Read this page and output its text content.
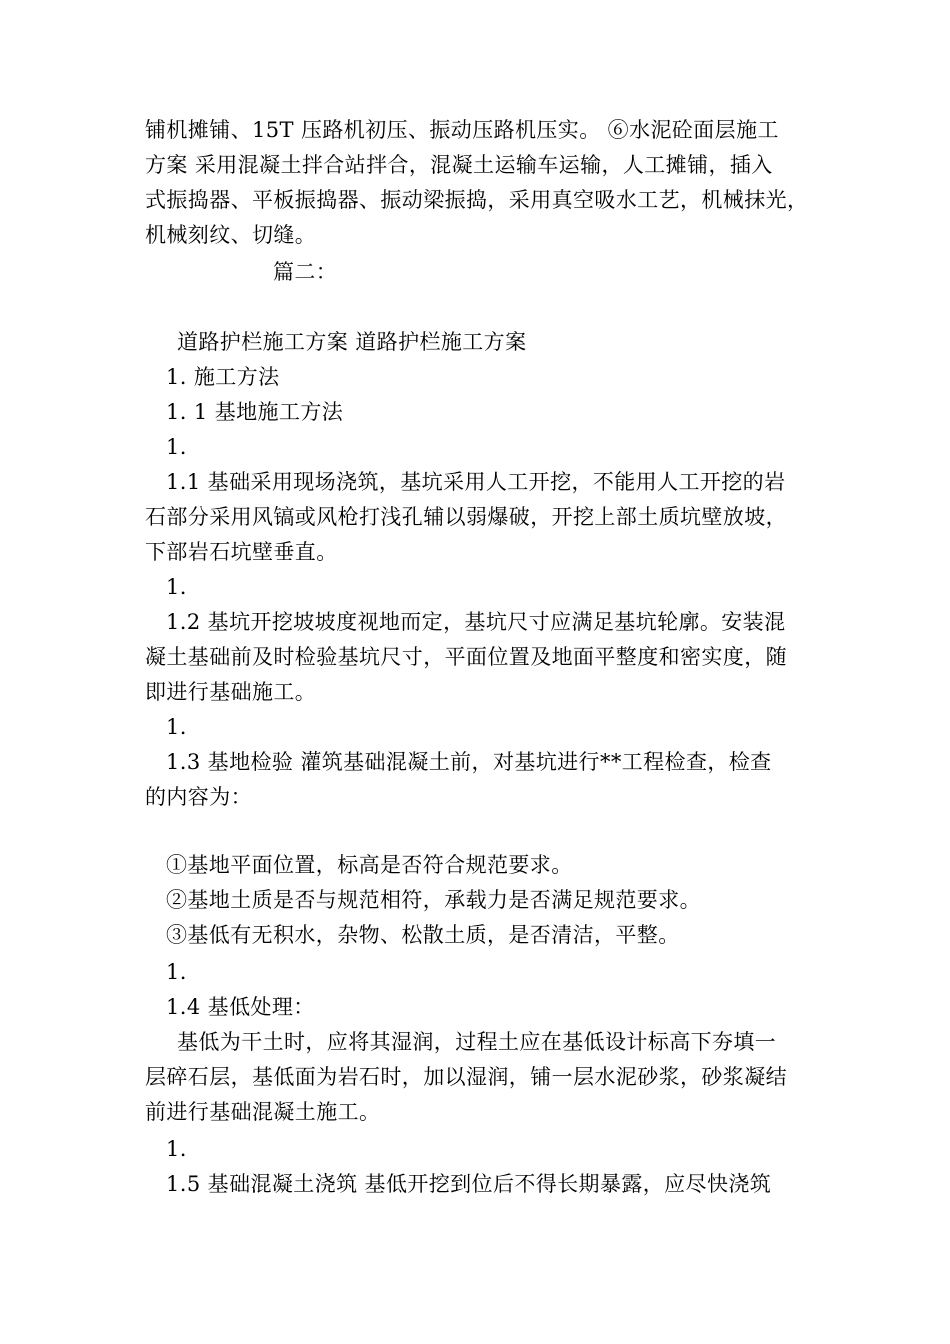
铺机摊铺、15T 压路机初压、振动压路机压实。 ⑥水泥砼面层施工
方案 采用混凝土拌合站拌合，混凝土运输车运输，人工摊铺，插入
式振捣器、平板振捣器、振动梁振捣，采用真空吸水工艺，机械抹光，
机械刻纹、切缝。
篇二：
道路护栏施工方案 道路护栏施工方案
1. 施工方法
1. 1 基地施工方法
1.
1.1 基础采用现场浇筑，基坑采用人工开挖，不能用人工开挖的岩
石部分采用风镐或风枪打浅孔辅以弱爆破，开挖上部土质坑壁放坡，
下部岩石坑壁垂直。
1.
1.2 基坑开挖坡坡度视地而定，基坑尺寸应满足基坑轮廓。安装混
凝土基础前及时检验基坑尺寸，平面位置及地面平整度和密实度，随
即进行基础施工。
1.
1.3 基地检验 灌筑基础混凝土前，对基坑进行**工程检查，检查
的内容为：
①基地平面位置，标高是否符合规范要求。
②基地土质是否与规范相符，承载力是否满足规范要求。
③基低有无积水，杂物、松散土质，是否清洁，平整。
1.
1.4 基低处理：
基低为干土时，应将其湿润，过程土应在基低设计标高下夯填一
层碎石层，基低面为岩石时，加以湿润，铺一层水泥砂浆，砂浆凝结
前进行基础混凝土施工。
1.
1.5 基础混凝土浇筑 基低开挖到位后不得长期暴露，应尽快浇筑
